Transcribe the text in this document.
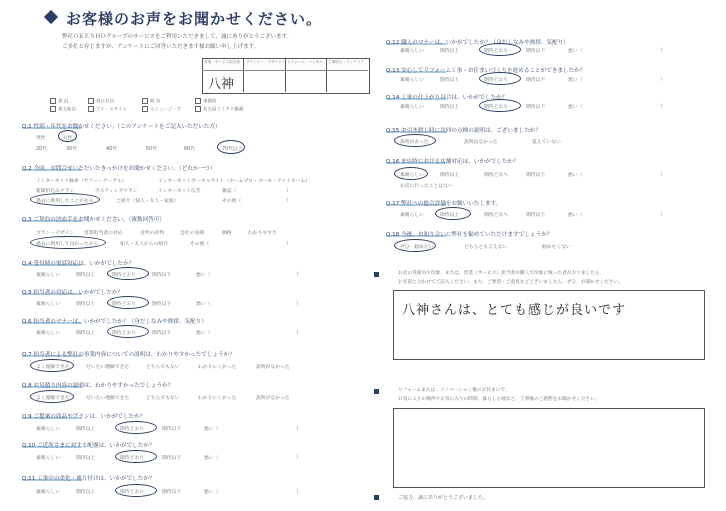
お客様のお声をお聞かせください。
弊社ＯＫＥＳＨＯグループのサービスをご利用いただきまして、誠にありがとうございます。
ご多忙と存じますが、アンケートにご回答いただきます様お願い申し上げます。
営業・サービス担当者 プランナー・デザイナー リフォーム・コンサル 工事担当・インテリア
八神
黄 浜	春日井店	岐 阜	事務所
黄大和店	アイ・スタイル	ルミュージーブ	名古屋リミテド勤務
Q.1 性別・年代をお聞かせください。（このアンケートをご記入いただいた方）
男性	女性
20代	30代	40代	50代	60代	70代以上
Q.2 今回、お問合せいただいたきっかけをお聞かせください。（どれか一つ）
インターネット検索（ヤフー・グーグル）	インターネットポータルサイト（ホームプロ・スーモ・アットホーム）
新聞折込みチラシ	ポスティングチラシ	インターネット広告	雑誌（	）
過去に利用したことがある	ご紹介（知人・友人・家族）	その他（	）
Q.3 ご契約の決め手をお聞かせください。（複数回答可）
プラン・デザイン 営業担当者の対応	近所の評判	会社の実績	価格	わかりやすさ
過去に利用して良かったから	知人・友人からの紹介	その他（	）
Q.4 受付時の電話対応は、いかがでしたか？
素晴らしい	期待以上	期待どおり	期待以下	悪い（	）
Q.5 担当者の対応は、いかがでしたか？
素晴らしい	期待以上	期待どおり	期待以下	悪い（	）
Q.6 担当者のマナーは、いかがでしたか？（身だしなみや挨拶、気配り）
素晴らしい	期待以上	期待どおり	期待以下	悪い（	）
Q.7 担当者による弊社の事業内容についての説明は、わかりやすかったでしょうか？
よく理解できた	だいたい理解できた	どちらでもない	わかりにくかった	説明がなかった
Q.8 お見積り内容の説明は、わかりやすかったでしょうか？
よく理解できた	だいたい理解できた	どちらでもない	わかりにくかった	説明がなかった
Q.9 ご提案の商品やプランは、いかがでしたか？
素晴らしい	期待以上	期待どおり	期待以下	悪い（	）
Q.10 ご近所さまに対する配慮は、いかがでしたか？
素晴らしい	期待以上	期待どおり	期待以下	悪い（	）
Q.11 工事中の美化・後片付けは、いかがでしたか？
素晴らしい	期待以上	期待どおり	期待以下	悪い（	）
Q.12 職人のマナーは、いかがでしたか？（身だしなみや挨拶、気配り）
素晴らしい	期待以上	期待どおり	期待以下	悪い（	）
Q.13 安心してリフォーム工事・お住まいづくりを進めることができましたか？
素晴らしい	期待以上	期待どおり	期待以下	悪い（	）
Q.14 工事の仕上がり具合は、いかがでしたか？
素晴らしい	期待以上	期待どおり	期待以下	悪い（	）
Q.15 お引き渡し時に次回の点検の説明は、ございましたか？
説明があった	説明はなかった	覚えていない
Q.16 来店時における店舗対応は、いかがでしたか？
素晴らしい	期待以上	期待どおり	期待以下	悪い（	）
お店に行ったことはない
Q.17 弊社への総合評価をお願いいたします。
素晴らしい	期待以上	期待どおり	期待以下	悪い（	）
Q.18 今後、お知り合いに弊社を勧めていただけますでしょうか？
ぜひ、勧めたい	どちらとも言えない	勧めたくない
お店の雰囲気や印象、または、営業（サービス）担当者や職人で印象に残った者がおりましたら、
お名前と合わせてご記入ください。また、ご要望・ご意見などございましたら、ぜひ、お聞かせください。
八神さんは、とても感じが良いです
リフォームまたは、リノベーション後のお住まいで、
お気に入りの場所やお気に入りの時間、暮らし心地など、工事後のご感想をお聞かせください。
ご協力、誠にありがとうございました。
